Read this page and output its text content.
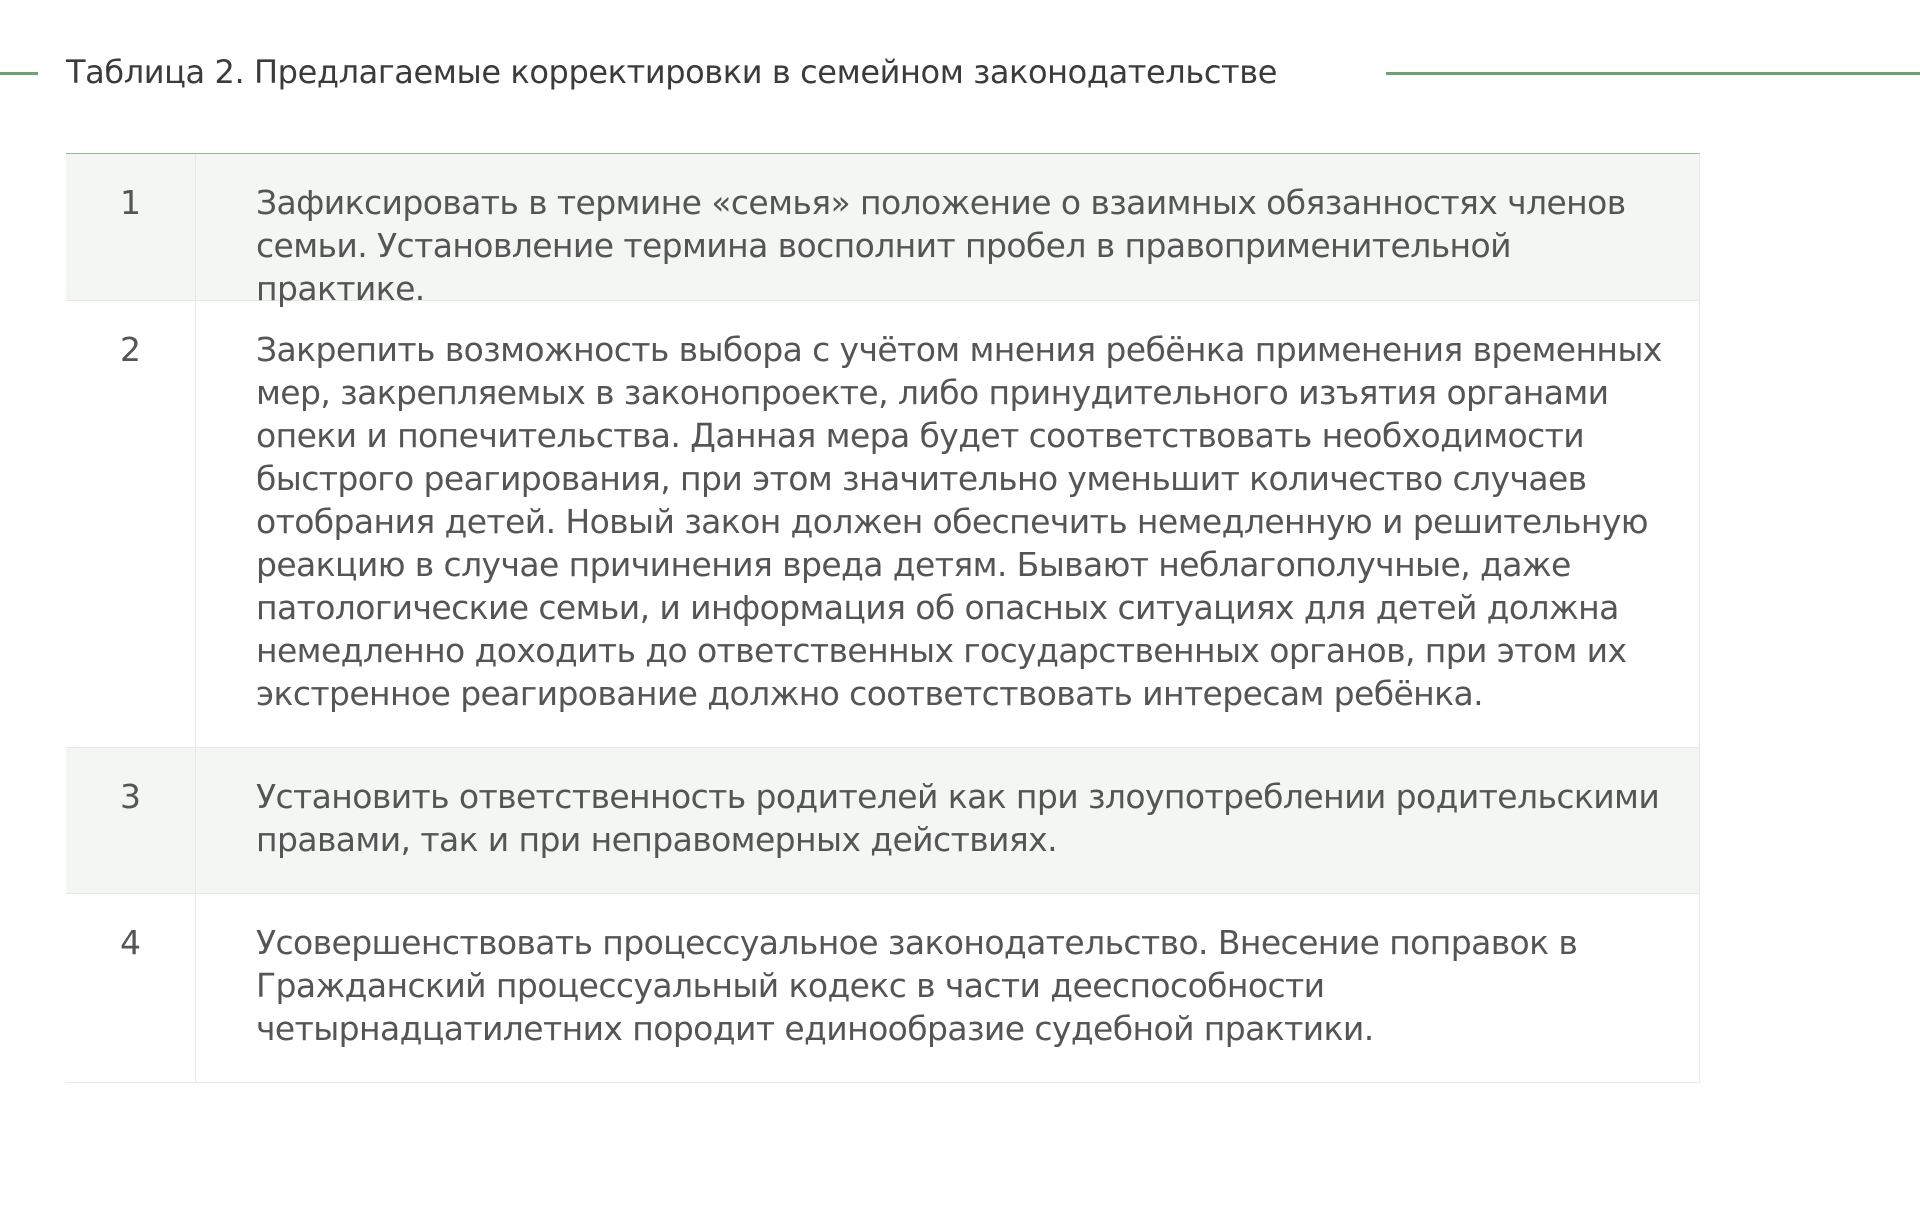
Таблица 2. Предлагаемые корректировки в семейном законодательстве
1	Зафиксировать в термине «семья» положение о взаимных обязанностях членов семьи. Установление термина восполнит пробел в правоприменительной практике.
2	Закрепить возможность выбора с учётом мнения ребёнка применения временных мер, закрепляемых в законопроекте, либо принудительного изъятия органами опеки и попечительства. Данная мера будет соответствовать необходимости быстрого реагирования, при этом значительно уменьшит количество случаев отобрания детей. Новый закон должен обеспечить немедленную и решительную реакцию в случае причинения вреда детям. Бывают неблагополучные, даже патологические семьи, и информация об опасных ситуациях для детей должна немедленно доходить до ответственных государственных органов, при этом их экстренное реагирование должно соответствовать интересам ребёнка.
3	Установить ответственность родителей как при злоупотреблении родительскими правами, так и при неправомерных действиях.
4	Усовершенствовать процессуальное законодательство. Внесение поправок в Гражданский процессуальный кодекс в части дееспособности четырнадцатилетних породит единообразие судебной практики.
